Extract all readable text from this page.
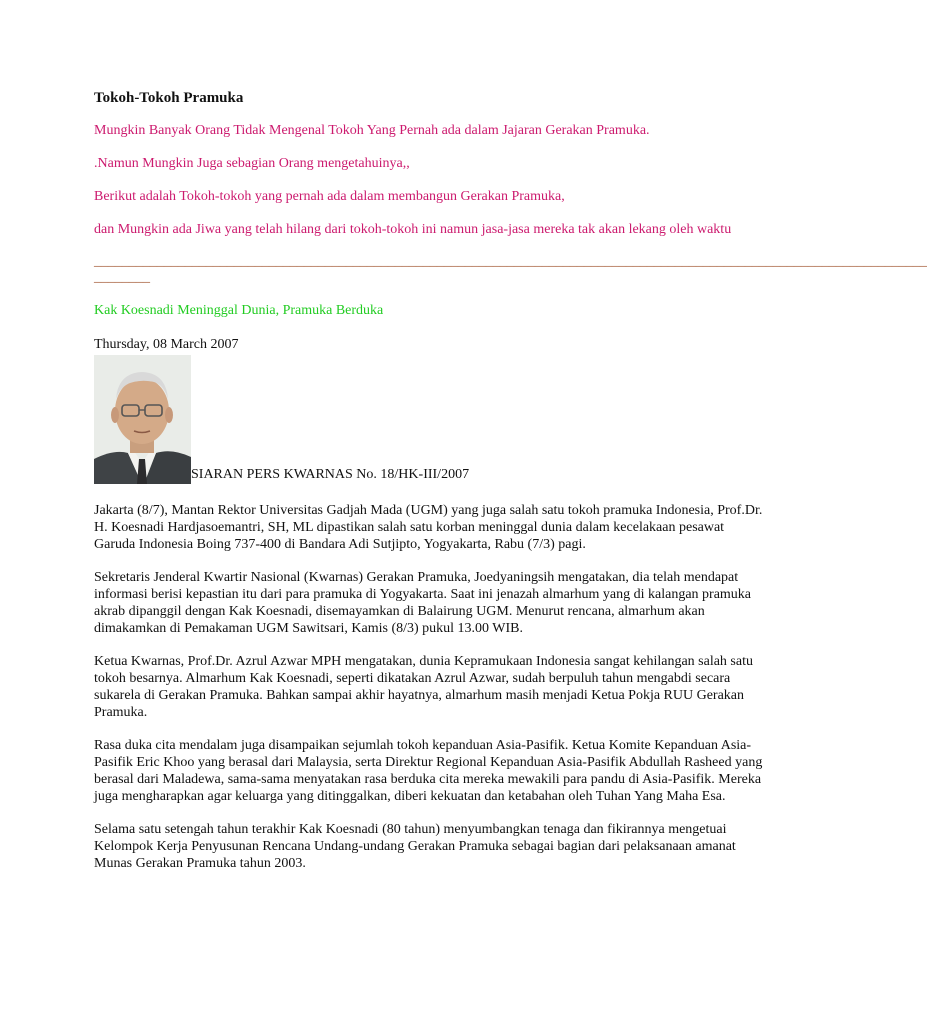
Tokoh-Tokoh Pramuka
Mungkin Banyak Orang Tidak Mengenal Tokoh Yang Pernah ada dalam Jajaran Gerakan Pramuka.
.Namun Mungkin Juga sebagian Orang mengetahuinya,,
Berikut adalah Tokoh-tokoh yang pernah ada dalam membangun Gerakan Pramuka,
dan Mungkin ada Jiwa yang telah hilang dari tokoh-tokoh ini namun jasa-jasa mereka tak akan lekang oleh waktu
_______________________________________________________________________________________________________________________
________
Kak Koesnadi Meninggal Dunia, Pramuka Berduka
Thursday, 08 March 2007
SIARAN PERS KWARNAS No. 18/HK-III/2007
Jakarta (8/7), Mantan Rektor Universitas Gadjah Mada (UGM) yang juga salah satu tokoh pramuka Indonesia, Prof.Dr. H. Koesnadi Hardjasoemantri, SH, ML dipastikan salah satu korban meninggal dunia dalam kecelakaan pesawat Garuda Indonesia Boing 737-400 di Bandara Adi Sutjipto, Yogyakarta, Rabu (7/3) pagi.
Sekretaris Jenderal Kwartir Nasional (Kwarnas) Gerakan Pramuka, Joedyaningsih mengatakan, dia telah mendapat informasi berisi kepastian itu dari para pramuka di Yogyakarta. Saat ini jenazah almarhum yang di kalangan pramuka akrab dipanggil dengan Kak Koesnadi, disemayamkan di Balairung UGM. Menurut rencana, almarhum akan dimakamkan di Pemakaman UGM Sawitsari, Kamis (8/3) pukul 13.00 WIB.
Ketua Kwarnas, Prof.Dr. Azrul Azwar MPH mengatakan, dunia Kepramukaan Indonesia sangat kehilangan salah satu tokoh besarnya. Almarhum Kak Koesnadi, seperti dikatakan Azrul Azwar, sudah berpuluh tahun mengabdi secara sukarela di Gerakan Pramuka. Bahkan sampai akhir hayatnya, almarhum masih menjadi Ketua Pokja RUU Gerakan Pramuka.
Rasa duka cita mendalam juga disampaikan sejumlah tokoh kepanduan Asia-Pasifik. Ketua Komite Kepanduan Asia-Pasifik Eric Khoo yang berasal dari Malaysia, serta Direktur Regional Kepanduan Asia-Pasifik Abdullah Rasheed yang berasal dari Maladewa, sama-sama menyatakan rasa berduka cita mereka mewakili para pandu di Asia-Pasifik. Mereka juga mengharapkan agar keluarga yang ditinggalkan, diberi kekuatan dan ketabahan oleh Tuhan Yang Maha Esa.
Selama satu setengah tahun terakhir Kak Koesnadi (80 tahun) menyumbangkan tenaga dan fikirannya mengetuai Kelompok Kerja Penyusunan Rencana Undang-undang Gerakan Pramuka sebagai bagian dari pelaksanaan amanat Munas Gerakan Pramuka tahun 2003.
